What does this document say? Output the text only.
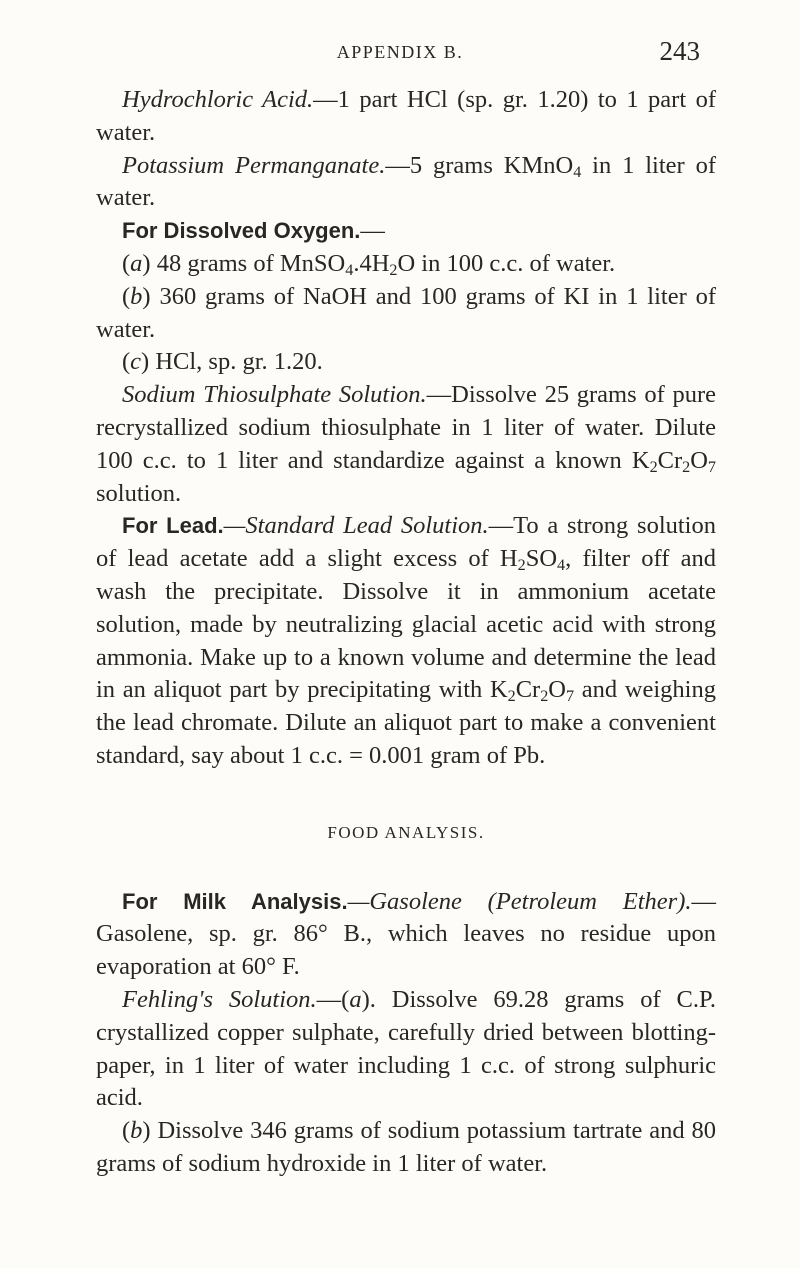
APPENDIX B.	243

Hydrochloric Acid.—1 part HCl (sp. gr. 1.20) to 1 part of water.

Potassium Permanganate.—5 grams KMnO$_4$ in 1 liter of water.

For Dissolved Oxygen.—

(a) 48 grams of $MnSO_4.4H_2O$ in 100 c.c. of water.

(b) 360 grams of NaOH and 100 grams of KI in 1 liter of water.

(c) HCl, sp. gr. 1.20.

Sodium Thiosulphate Solution.—Dissolve 25 grams of pure recrystallized sodium thiosulphate in 1 liter of water. Dilute 100 c.c. to 1 liter and standardize against a known $K_2Cr_2O_7$ solution.

For Lead.—Standard Lead Solution.—To a strong solution of lead acetate add a slight excess of $H_2SO_4$, filter off and wash the precipitate. Dissolve it in ammonium acetate solution, made by neutralizing glacial acetic acid with strong ammonia. Make up to a known volume and determine the lead in an aliquot part by precipitating with $K_2Cr_2O_7$ and weighing the lead chromate. Dilute an aliquot part to make a convenient standard, say about 1 c.c. = 0.001 gram of Pb.

FOOD ANALYSIS.

For Milk Analysis.—Gasolene (Petroleum Ether).—Gasolene, sp. gr. 86° B., which leaves no residue upon evaporation at 60° F.

Fehling's Solution.—(a). Dissolve 69.28 grams of C.P. crystallized copper sulphate, carefully dried between blotting-paper, in 1 liter of water including 1 c.c. of strong sulphuric acid.

(b) Dissolve 346 grams of sodium potassium tartrate and 80 grams of sodium hydroxide in 1 liter of water.
